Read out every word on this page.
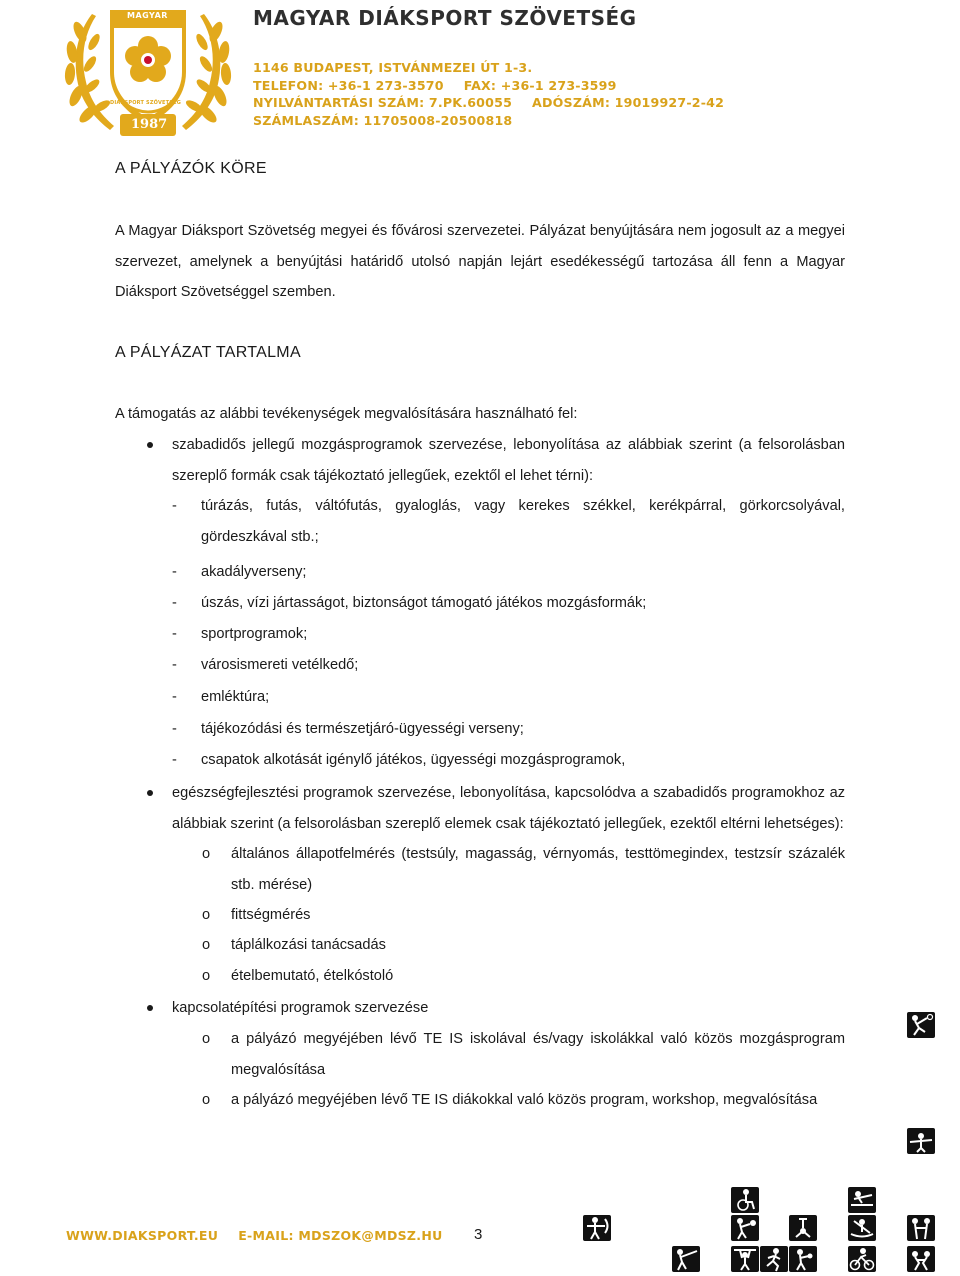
MAGYAR
DIÁKSPORT SZÖVETSÉG
1987
MAGYAR DIÁKSPORT SZÖVETSÉG
1146 BUDAPEST, ISTVÁNMEZEI ÚT 1-3.
TELEFON: +36-1 273-3570 FAX: +36-1 273-3599
NYILVÁNTARTÁSI SZÁM: 7.PK.60055 ADÓSZÁM: 19019927-2-42
SZÁMLASZÁM: 11705008-20500818
A PÁLYÁZÓK KÖRE
A Magyar Diáksport Szövetség megyei és fővárosi szervezetei. Pályázat benyújtására nem jogosult az a megyei
szervezet, amelynek a benyújtási határidő utolsó napján lejárt esedékességű tartozása áll fenn a Magyar
Diáksport Szövetséggel szemben.
A PÁLYÁZAT TARTALMA
A támogatás az alábbi tevékenységek megvalósítására használható fel:
szabadidős jellegű mozgásprogramok szervezése, lebonyolítása az alábbiak szerint (a felsorolásban
szereplő formák csak tájékoztató jellegűek, ezektől el lehet térni):
- túrázás, futás, váltófutás, gyaloglás, vagy kerekes székkel, kerékpárral, görkorcsolyával,
gördeszkával stb.;
- akadályverseny;
- úszás, vízi jártasságot, biztonságot támogató játékos mozgásformák;
- sportprogramok;
- városismereti vetélkedő;
- emléktúra;
- tájékozódási és természetjáró-ügyességi verseny;
- csapatok alkotását igénylő játékos, ügyességi mozgásprogramok,
egészségfejlesztési programok szervezése, lebonyolítása, kapcsolódva a szabadidős programokhoz az
alábbiak szerint (a felsorolásban szereplő elemek csak tájékoztató jellegűek, ezektől eltérni lehetséges):
o általános állapotfelmérés (testsúly, magasság, vérnyomás, testtömegindex, testzsír százalék
stb. mérése)
o fittségmérés
o táplálkozási tanácsadás
o ételbemutató, ételkóstoló
kapcsolatépítési programok szervezése
o a pályázó megyéjében lévő TE IS iskolával és/vagy iskolákkal való közös mozgásprogram
megvalósítása
o a pályázó megyéjében lévő TE IS diákokkal való közös program, workshop, megvalósítása
WWW.DIAKSPORT.EU E-MAIL: MDSZOK@MDSZ.HU 3
